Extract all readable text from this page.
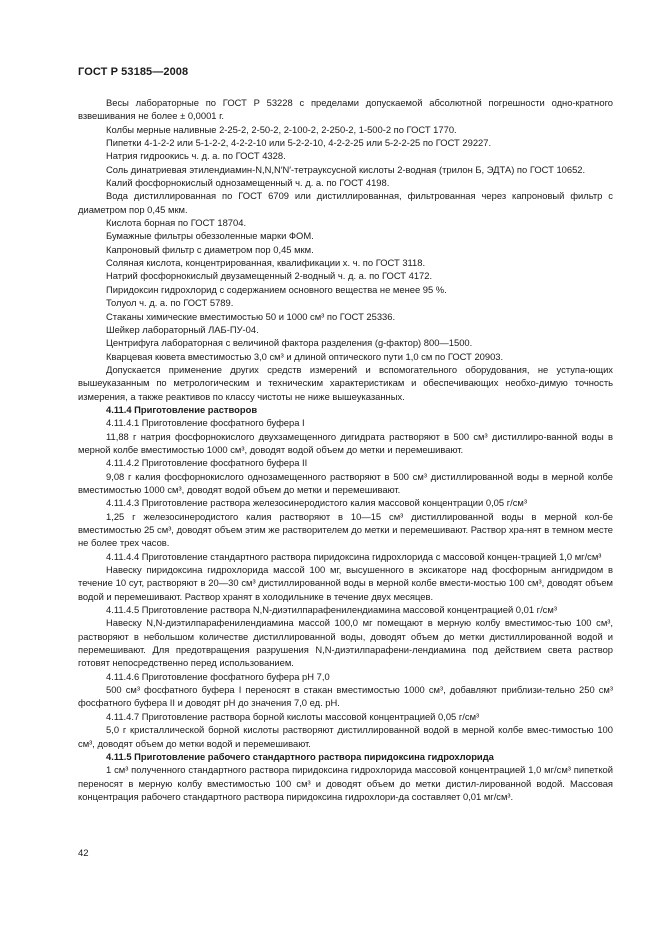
ГОСТ Р 53185—2008

Весы лабораторные по ГОСТ Р 53228 с пределами допускаемой абсолютной погрешности одно-кратного взвешивания не более ± 0,0001 г.

Колбы мерные наливные 2-25-2, 2-50-2, 2-100-2, 2-250-2, 1-500-2 по ГОСТ 1770.

Пипетки 4-1-2-2 или 5-1-2-2, 4-2-2-10 или 5-2-2-10, 4-2-2-25 или 5-2-2-25 по ГОСТ 29227.

Натрия гидроокись ч. д. а. по ГОСТ 4328.

Соль динатриевая этилендиамин-N,N,N′N′-тетрауксусной кислоты 2-водная (трилон Б, ЭДТА) по ГОСТ 10652.

Калий фосфорнокислый однозамещенный ч. д. а. по ГОСТ 4198.

Вода дистиллированная по ГОСТ 6709 или дистиллированная, фильтрованная через капроновый фильтр с диаметром пор 0,45 мкм.

Кислота борная по ГОСТ 18704.

Бумажные фильтры обеззоленные марки ФОМ.

Капроновый фильтр с диаметром пор 0,45 мкм.

Соляная кислота, концентрированная, квалификации х. ч. по ГОСТ 3118.

Натрий фосфорнокислый двузамещенный 2-водный ч. д. а. по ГОСТ 4172.

Пиридоксин гидрохлорид с содержанием основного вещества не менее 95 %.

Толуол ч. д. а. по ГОСТ 5789.

Стаканы химические вместимостью 50 и 1000 см³ по ГОСТ 25336.

Шейкер лабораторный ЛАБ-ПУ-04.

Центрифуга лабораторная с величиной фактора разделения (g-фактор) 800—1500.

Кварцевая кювета вместимостью 3,0 см³ и длиной оптического пути 1,0 см по ГОСТ 20903.

Допускается применение других средств измерений и вспомогательного оборудования, не уступа-ющих вышеуказанным по метрологическим и техническим характеристикам и обеспечивающих необхо-димую точность измерения, а также реактивов по классу чистоты не ниже вышеуказанных.

4.11.4 Приготовление растворов

4.11.4.1 Приготовление фосфатного буфера I

11,88 г натрия фосфорнокислого двухзамещенного дигидрата растворяют в 500 см³ дистиллиро-ванной воды в мерной колбе вместимостью 1000 см³, доводят водой объем до метки и перемешивают.

4.11.4.2 Приготовление фосфатного буфера II

9,08 г калия фосфорнокислого однозамещенного растворяют в 500 см³ дистиллированной воды в мерной колбе вместимостью 1000 см³, доводят водой объем до метки и перемешивают.

4.11.4.3 Приготовление раствора железосинеродистого калия массовой концентрации 0,05 г/см³

1,25 г железосинеродистого калия растворяют в 10—15 см³ дистиллированной воды в мерной кол-бе вместимостью 25 см³, доводят объем этим же растворителем до метки и перемешивают. Раствор хра-нят в темном месте не более трех часов.

4.11.4.4 Приготовление стандартного раствора пиридоксина гидрохлорида с массовой концен-трацией 1,0 мг/см³

Навеску пиридоксина гидрохлорида массой 100 мг, высушенного в эксикаторе над фосфорным ангидридом в течение 10 сут, растворяют в 20—30 см³ дистиллированной воды в мерной колбе вмести-мостью 100 см³, доводят объем водой и перемешивают. Раствор хранят в холодильнике в течение двух месяцев.

4.11.4.5 Приготовление раствора N,N-диэтилпарафенилендиамина массовой концентрацией 0,01 г/см³

Навеску N,N-диэтилпарафенилендиамина массой 100,0 мг помещают в мерную колбу вместимос-тью 100 см³, растворяют в небольшом количестве дистиллированной воды, доводят объем до метки дистиллированной водой и перемешивают. Для предотвращения разрушения N,N-диэтилпарафени-лендиамина под действием света раствор готовят непосредственно перед использованием.

4.11.4.6 Приготовление фосфатного буфера рН 7,0

500 см³ фосфатного буфера I переносят в стакан вместимостью 1000 см³, добавляют приблизи-тельно 250 см³ фосфатного буфера II и доводят рН до значения 7,0 ед. рН.

4.11.4.7 Приготовление раствора борной кислоты массовой концентрацией 0,05 г/см³

5,0 г кристаллической борной кислоты растворяют дистиллированной водой в мерной колбе вмес-тимостью 100 см³, доводят объем до метки водой и перемешивают.

4.11.5 Приготовление рабочего стандартного раствора пиридоксина гидрохлорида

1 см³ полученного стандартного раствора пиридоксина гидрохлорида массовой концентрацией 1,0 мг/см³ пипеткой переносят в мерную колбу вместимостью 100 см³ и доводят объем до метки дистил-лированной водой. Массовая концентрация рабочего стандартного раствора пиридоксина гидрохлори-да составляет 0,01 мг/см³.

42
